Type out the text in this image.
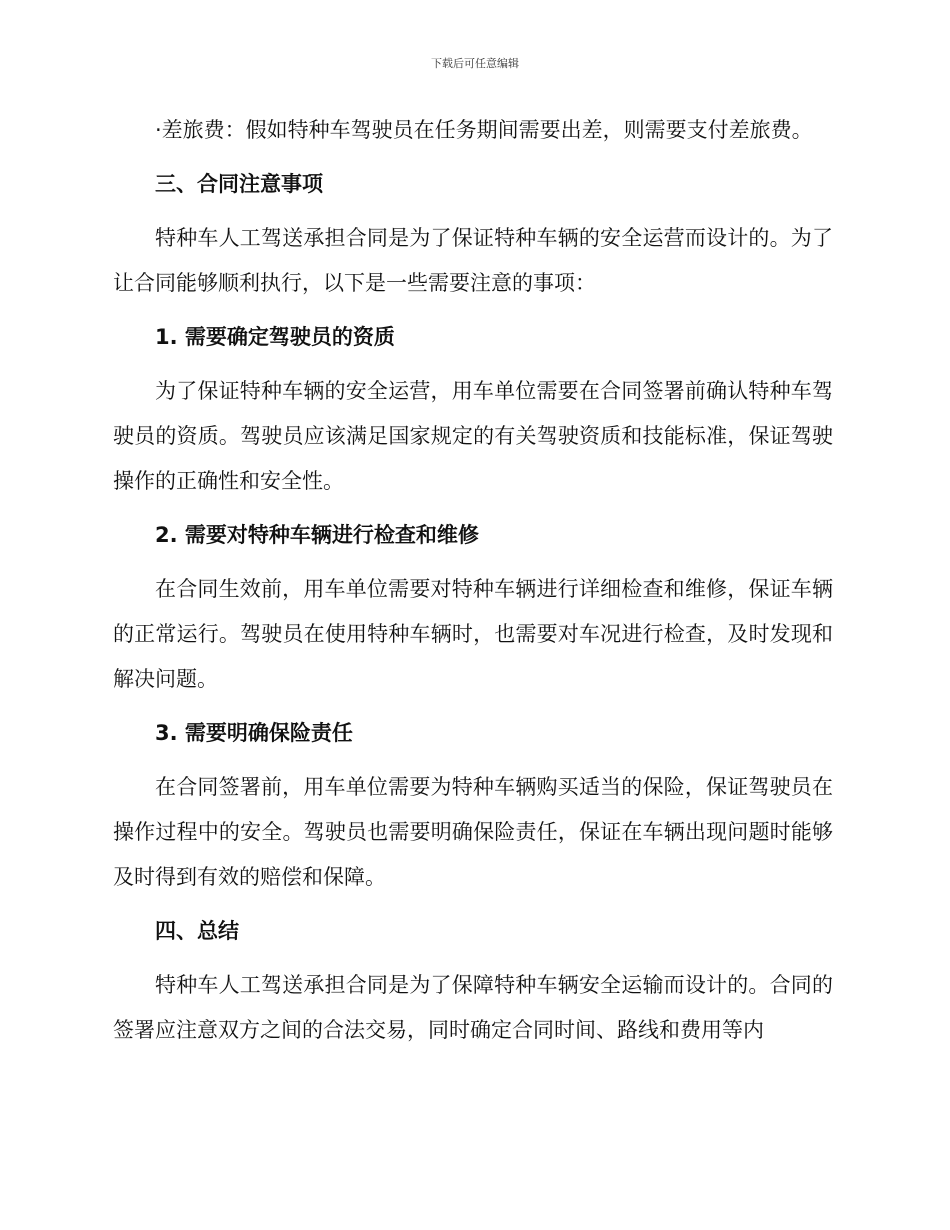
下载后可任意编辑

·差旅费：假如特种车驾驶员在任务期间需要出差，则需要支付差旅费。

三、合同注意事项

特种车人工驾送承担合同是为了保证特种车辆的安全运营而设计的。为了让合同能够顺利执行，以下是一些需要注意的事项：

1. 需要确定驾驶员的资质

为了保证特种车辆的安全运营，用车单位需要在合同签署前确认特种车驾驶员的资质。驾驶员应该满足国家规定的有关驾驶资质和技能标准，保证驾驶操作的正确性和安全性。

2. 需要对特种车辆进行检查和维修

在合同生效前，用车单位需要对特种车辆进行详细检查和维修，保证车辆的正常运行。驾驶员在使用特种车辆时，也需要对车况进行检查，及时发现和解决问题。

3. 需要明确保险责任

在合同签署前，用车单位需要为特种车辆购买适当的保险，保证驾驶员在操作过程中的安全。驾驶员也需要明确保险责任，保证在车辆出现问题时能够及时得到有效的赔偿和保障。

四、总结

特种车人工驾送承担合同是为了保障特种车辆安全运输而设计的。合同的签署应注意双方之间的合法交易，同时确定合同时间、路线和费用等内
